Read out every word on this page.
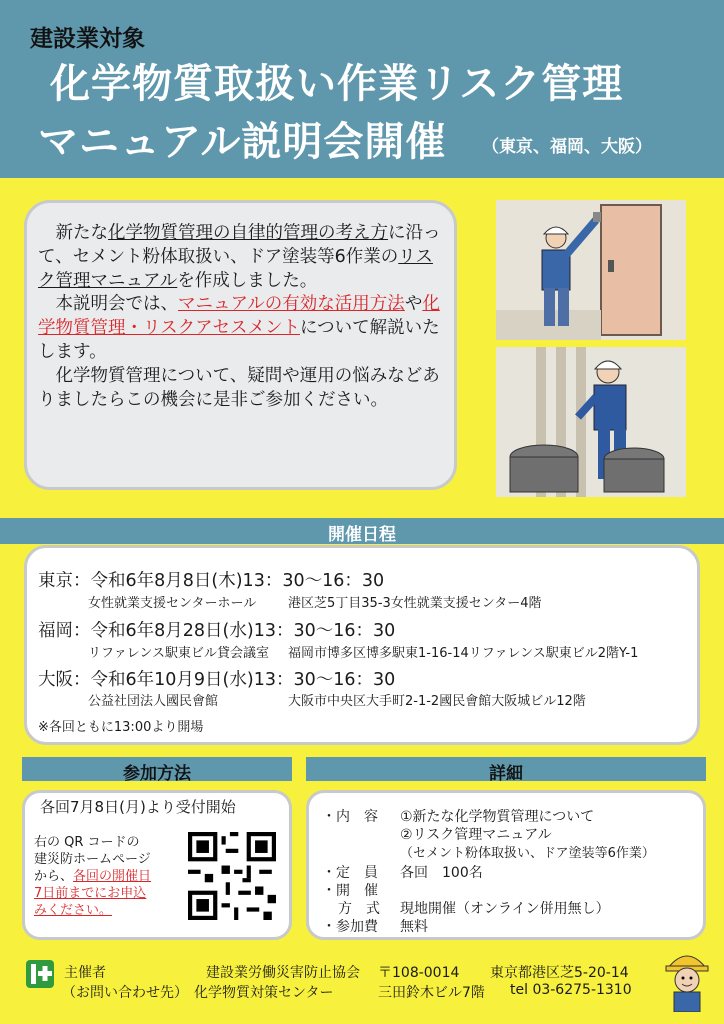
建設業対象
化学物質取扱い作業リスク管理
マニュアル説明会開催 （東京、福岡、大阪）

　新たな化学物質管理の自律的管理の考え方に沿って、セメント粉体取扱い、ドア塗装等6作業のリスク管理マニュアルを作成しました。

　本説明会では、マニュアルの有効な活用方法や化学物質管理・リスクアセスメントについて解説いたします。

　化学物質管理について、疑問や運用の悩みなどありましたらこの機会に是非ご参加ください。

開催日程
東京：令和6年8月8日(木)13：30～16：30
女性就業支援センターホール 港区芝5丁目35-3女性就業支援センター4階
福岡：令和6年8月28日(水)13：30～16：30
リファレンス駅東ビル貸会議室 福岡市博多区博多駅東1-16-14リファレンス駅東ビル2階Y-1
大阪：令和6年10月9日(水)13：30～16：30
公益社団法人國民會館	大阪市中央区大手町2-1-2國民會館大阪城ビル12階
※各回ともに13:00より開場
参加方法	詳細
各回7月8日(月)より受付開始
右の QR コードの
建災防ホームページ
から、各回の開催日
7日前までにお申込
みください。
・内　容 ①新たな化学物質管理について
②リスク管理マニュアル
（セメント粉体取扱い、ドア塗装等6作業）
・定　員 各回　100名
・開　催
方　式 現地開催（オンライン併用無し）
・参加費 無料
主催者
（お問い合わせ先）
建設業労働災害防止協会
化学物質対策センター
〒108-0014 東京都港区芝5-20-14
三田鈴木ビル7階 tel 03-6275-1310
